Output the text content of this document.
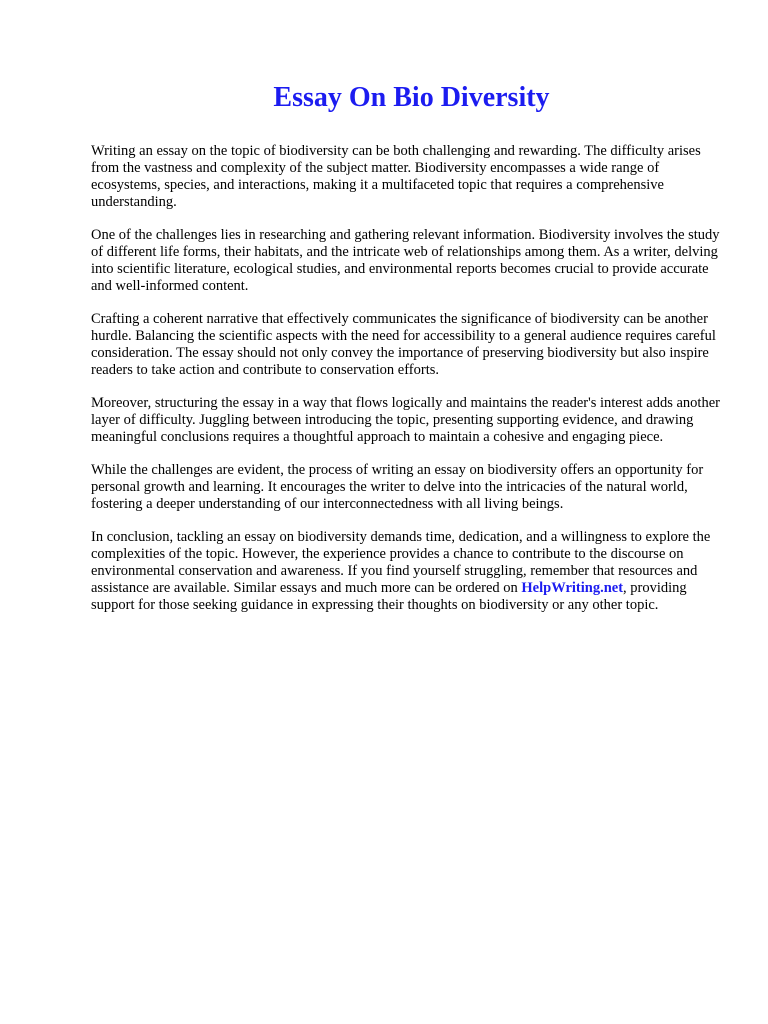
Essay On Bio Diversity

Writing an essay on the topic of biodiversity can be both challenging and rewarding. The difficulty arises from the vastness and complexity of the subject matter. Biodiversity encompasses a wide range of ecosystems, species, and interactions, making it a multifaceted topic that requires a comprehensive understanding.

One of the challenges lies in researching and gathering relevant information. Biodiversity involves the study of different life forms, their habitats, and the intricate web of relationships among them. As a writer, delving into scientific literature, ecological studies, and environmental reports becomes crucial to provide accurate and well-informed content.

Crafting a coherent narrative that effectively communicates the significance of biodiversity can be another hurdle. Balancing the scientific aspects with the need for accessibility to a general audience requires careful consideration. The essay should not only convey the importance of preserving biodiversity but also inspire readers to take action and contribute to conservation efforts.

Moreover, structuring the essay in a way that flows logically and maintains the reader's interest adds another layer of difficulty. Juggling between introducing the topic, presenting supporting evidence, and drawing meaningful conclusions requires a thoughtful approach to maintain a cohesive and engaging piece.

While the challenges are evident, the process of writing an essay on biodiversity offers an opportunity for personal growth and learning. It encourages the writer to delve into the intricacies of the natural world, fostering a deeper understanding of our interconnectedness with all living beings.

In conclusion, tackling an essay on biodiversity demands time, dedication, and a willingness to explore the complexities of the topic. However, the experience provides a chance to contribute to the discourse on environmental conservation and awareness. If you find yourself struggling, remember that resources and assistance are available. Similar essays and much more can be ordered on HelpWriting.net, providing support for those seeking guidance in expressing their thoughts on biodiversity or any other topic.
